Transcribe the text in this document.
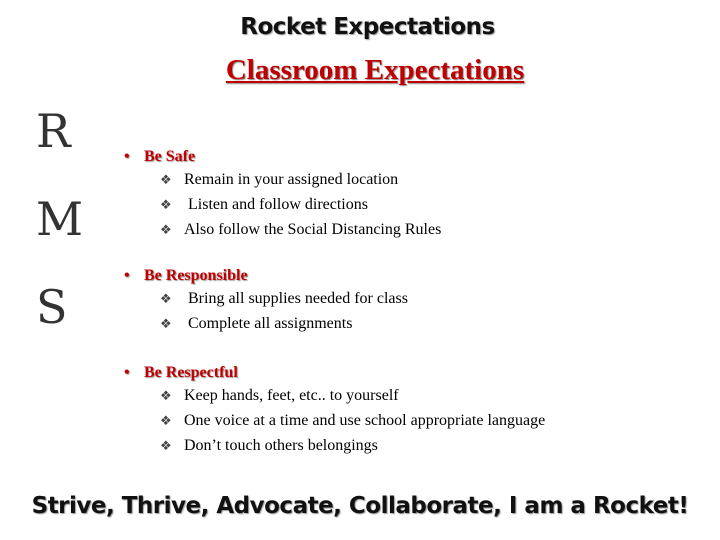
Rocket Expectations
Classroom Expectations
R
M
S
• Be Safe
❖ Remain in your assigned location
❖ Listen and follow directions
❖ Also follow the Social Distancing Rules
• Be Responsible
❖ Bring all supplies needed for class
❖ Complete all assignments
• Be Respectful
❖ Keep hands, feet, etc.. to yourself
❖ One voice at a time and use school appropriate language
❖ Don’t touch others belongings
Strive, Thrive, Advocate, Collaborate, I am a Rocket!
